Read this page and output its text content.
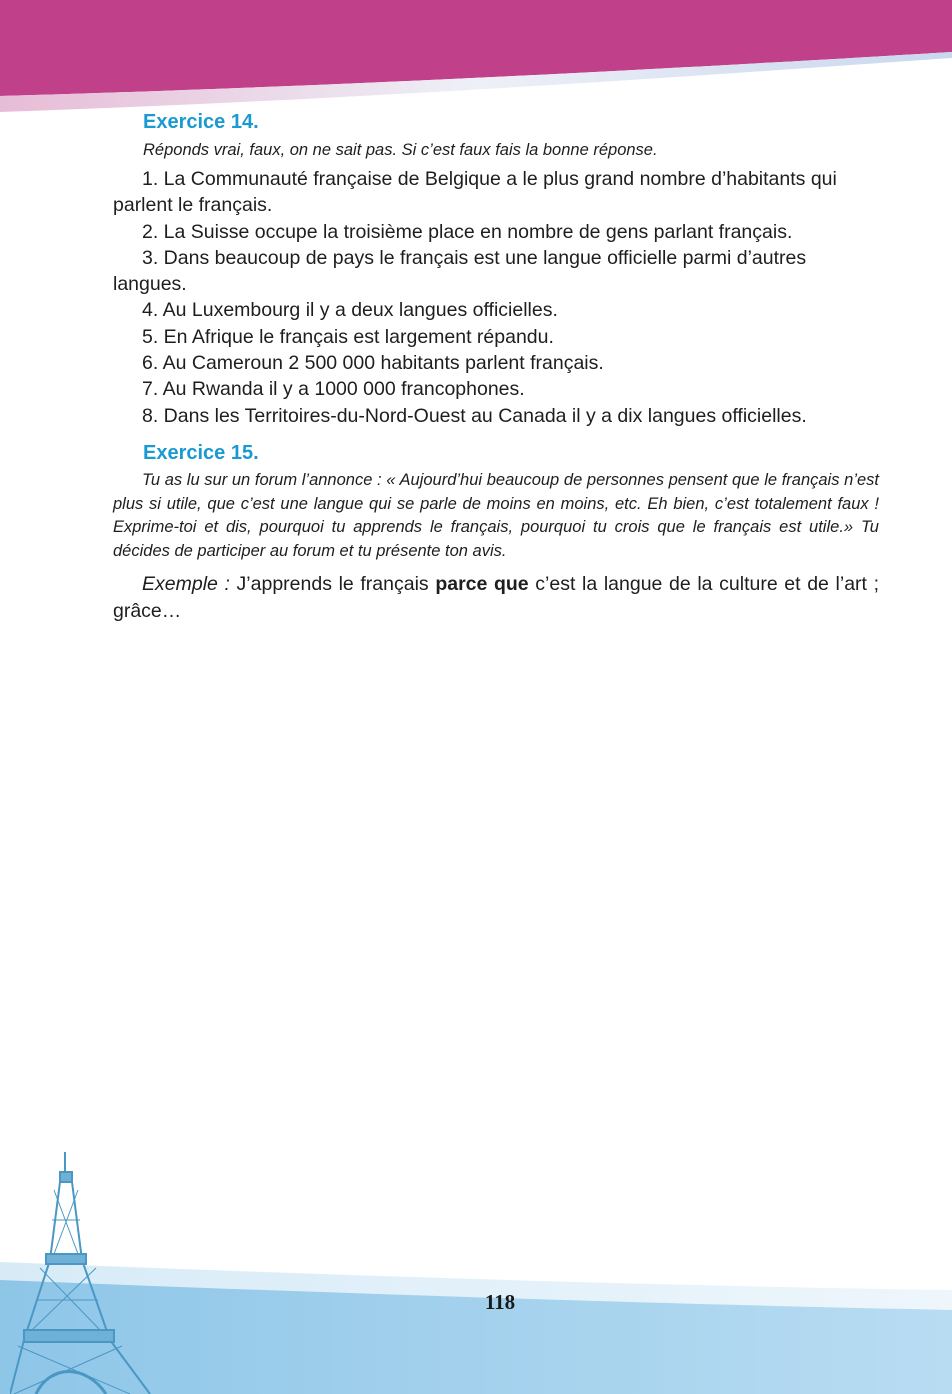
Exercice 14.
Réponds vrai, faux, on ne sait pas. Si c’est faux fais la bonne réponse.

1. La Communauté française de Belgique a le plus grand nombre d’habitants qui parlent le français.

2. La Suisse occupe la troisième place en nombre de gens parlant français.

3. Dans beaucoup de pays le français est une langue officielle parmi d’autres langues.

4. Au Luxembourg il y a deux langues officielles.

5. En Afrique le français est largement répandu.

6. Au Cameroun 2 500 000 habitants parlent français.

7. Au Rwanda il y a 1000 000 francophones.

8. Dans les Territoires-du-Nord-Ouest au Canada il y a dix langues officielles.

Exercice 15.

Tu as lu sur un forum l’annonce : « Aujourd’hui beaucoup de personnes pensent que le français n’est plus si utile, que c’est une langue qui se parle de moins en moins, etc. Eh bien, c’est totalement faux ! Exprime-toi et dis, pourquoi tu apprends le français, pourquoi tu crois que le français est utile.» Tu décides de participer au forum et tu présente ton avis.

Exemple : J’apprends le français parce que c’est la langue de la culture et de l’art ; grâce…

118
